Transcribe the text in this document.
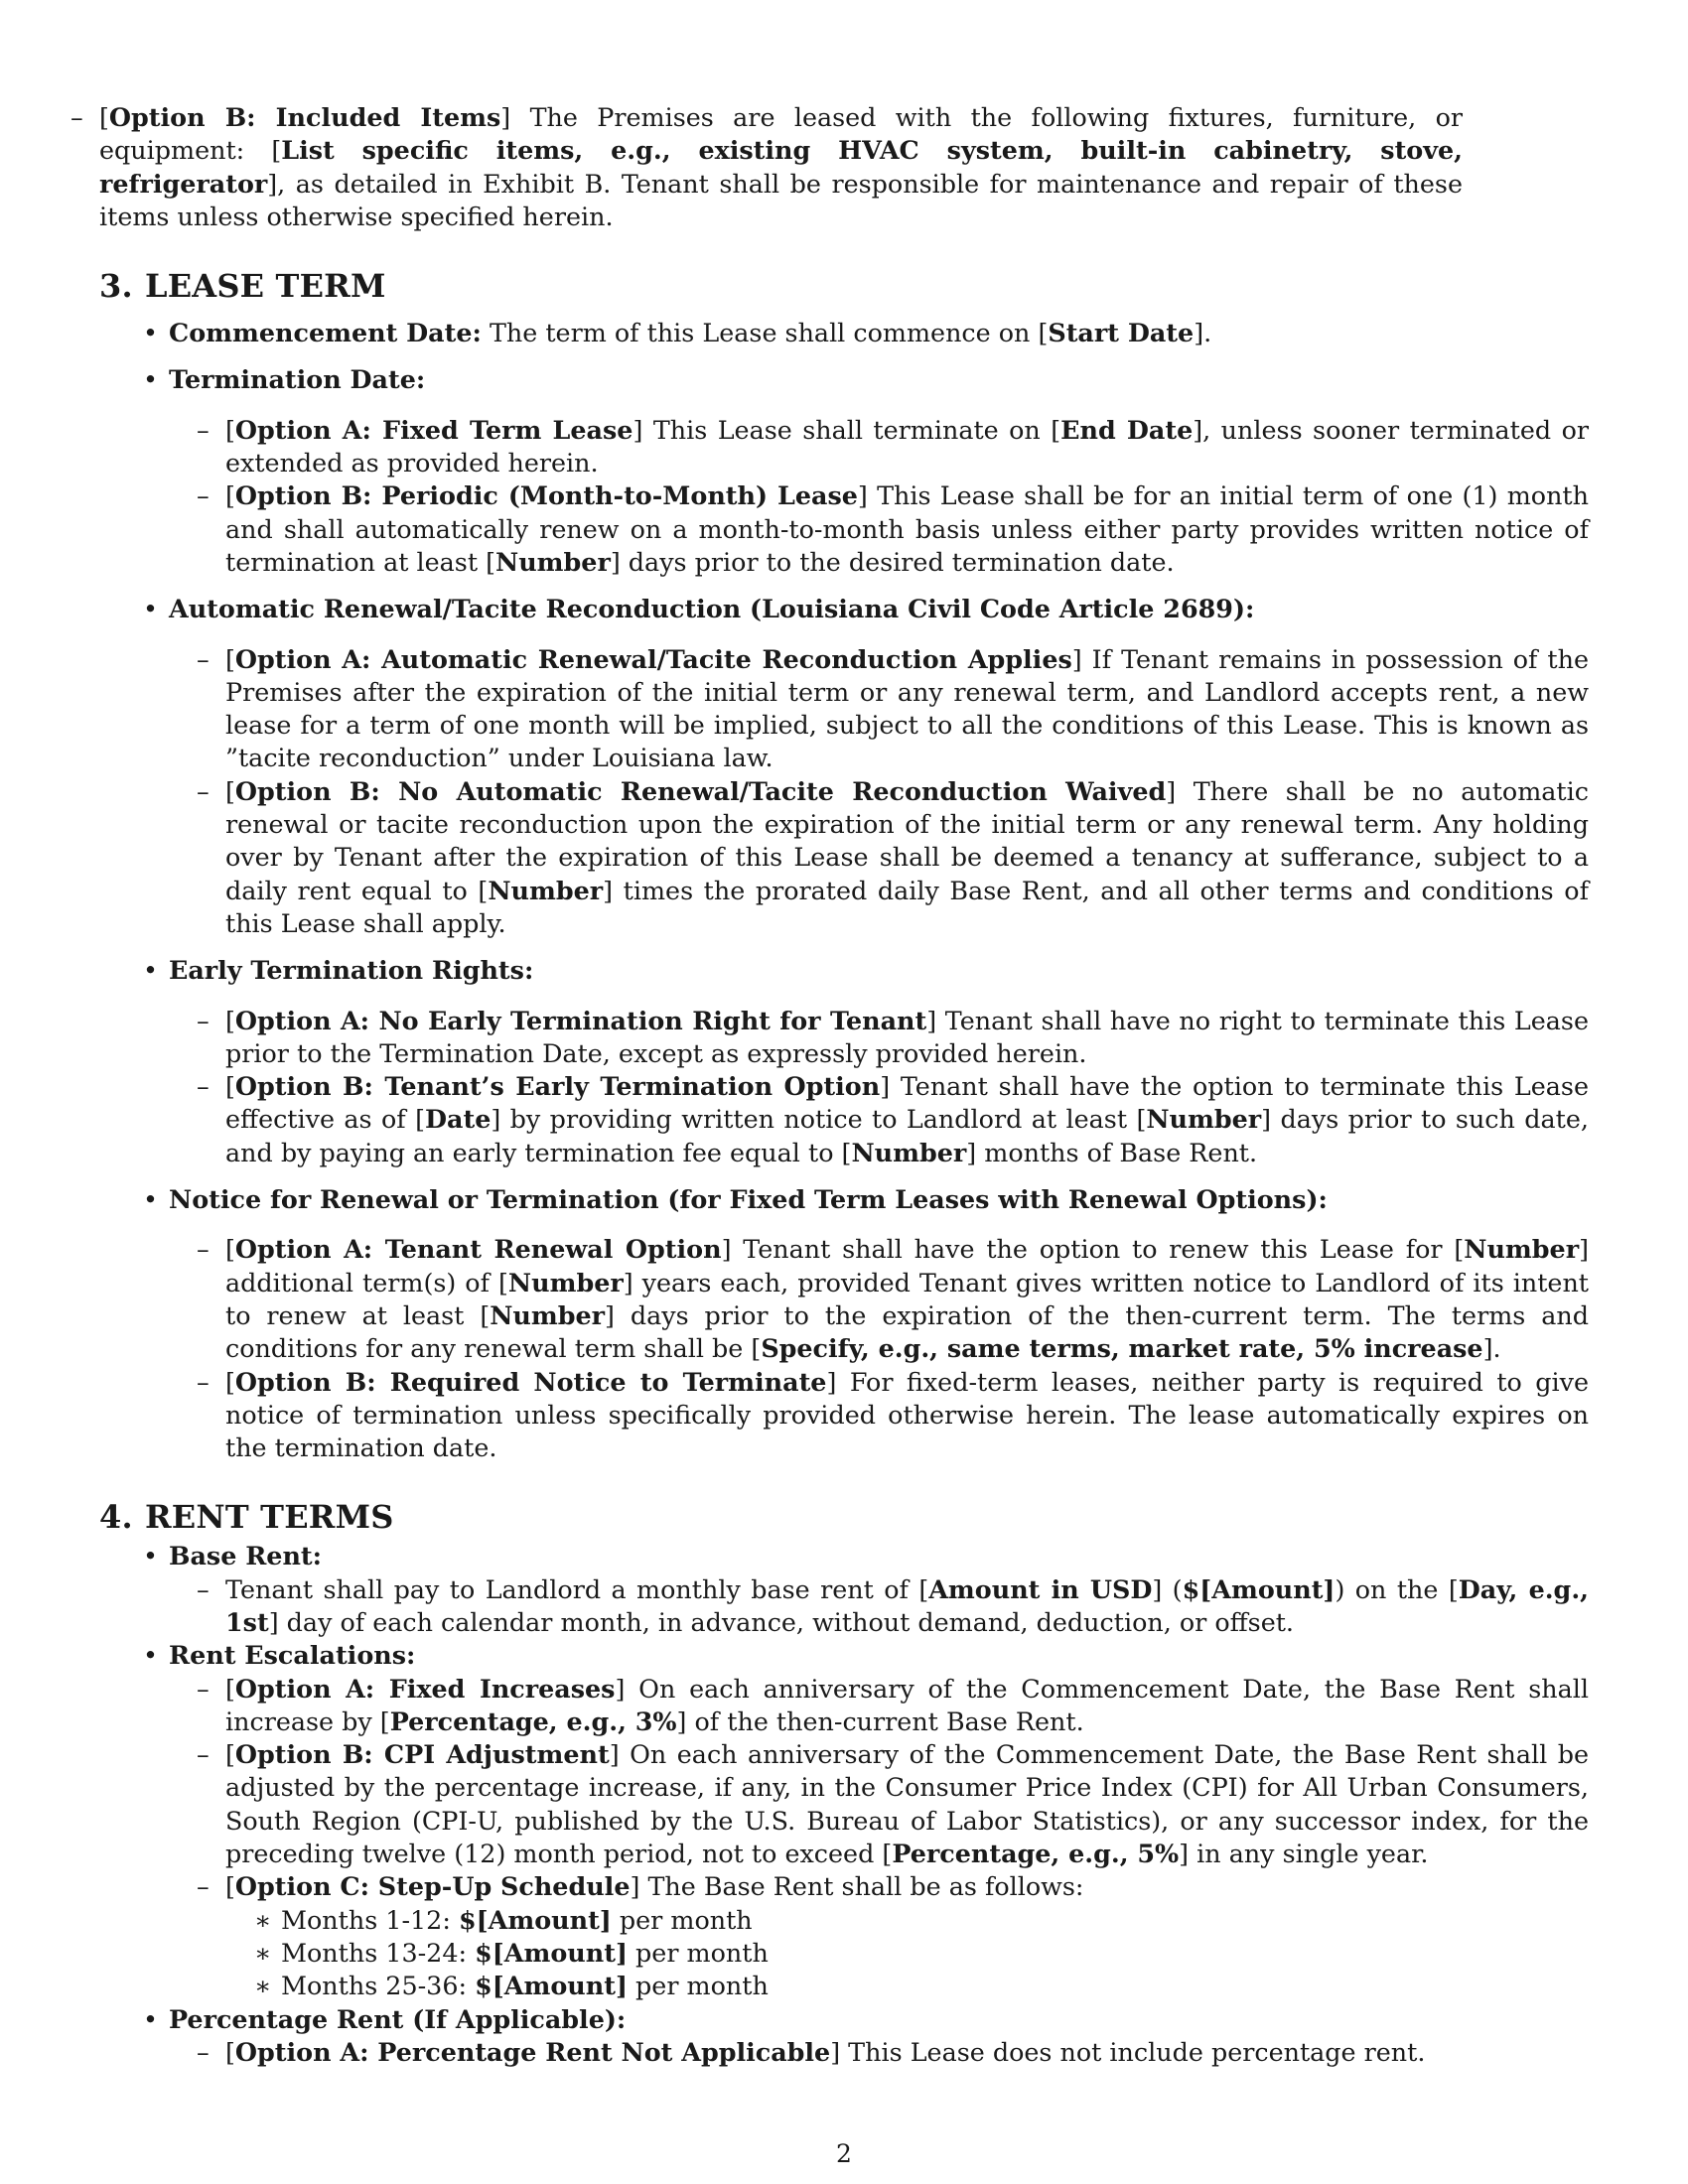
– [Option B: Included Items] The Premises are leased with the following fixtures, furniture, or equipment: [List specific items, e.g., existing HVAC system, built-in cabinetry, stove, refrigerator], as detailed in Exhibit B. Tenant shall be responsible for maintenance and repair of these items unless otherwise specified herein.

3. LEASE TERM
• Commencement Date: The term of this Lease shall commence on [Start Date].
• Termination Date:

– [Option A: Fixed Term Lease] This Lease shall terminate on [End Date], unless sooner terminated or extended as provided herein.

– [Option B: Periodic (Month-to-Month) Lease] This Lease shall be for an initial term of one (1) month and shall automatically renew on a month-to-month basis unless either party provides written notice of termination at least [Number] days prior to the desired termination date.

• Automatic Renewal/Tacite Reconduction (Louisiana Civil Code Article 2689):

– [Option A: Automatic Renewal/Tacite Reconduction Applies] If Tenant remains in possession of the Premises after the expiration of the initial term or any renewal term, and Landlord accepts rent, a new lease for a term of one month will be implied, subject to all the conditions of this Lease. This is known as ”tacite reconduction” under Louisiana law.

– [Option B: No Automatic Renewal/Tacite Reconduction Waived] There shall be no automatic renewal or tacite reconduction upon the expiration of the initial term or any renewal term. Any holding over by Tenant after the expiration of this Lease shall be deemed a tenancy at sufferance, subject to a daily rent equal to [Number] times the prorated daily Base Rent, and all other terms and conditions of this Lease shall apply.

• Early Termination Rights:

– [Option A: No Early Termination Right for Tenant] Tenant shall have no right to terminate this Lease prior to the Termination Date, except as expressly provided herein.

– [Option B: Tenant’s Early Termination Option] Tenant shall have the option to terminate this Lease effective as of [Date] by providing written notice to Landlord at least [Number] days prior to such date, and by paying an early termination fee equal to [Number] months of Base Rent.

• Notice for Renewal or Termination (for Fixed Term Leases with Renewal Options):

– [Option A: Tenant Renewal Option] Tenant shall have the option to renew this Lease for [Number] additional term(s) of [Number] years each, provided Tenant gives written notice to Landlord of its intent to renew at least [Number] days prior to the expiration of the then-current term. The terms and conditions for any renewal term shall be [Specify, e.g., same terms, market rate, 5% increase].

– [Option B: Required Notice to Terminate] For fixed-term leases, neither party is required to give notice of termination unless specifically provided otherwise herein. The lease automatically expires on the termination date.

4. RENT TERMS
• Base Rent:

– Tenant shall pay to Landlord a monthly base rent of [Amount in USD] ($[Amount]) on the [Day, e.g., 1st] day of each calendar month, in advance, without demand, deduction, or offset.

• Rent Escalations:

– [Option A: Fixed Increases] On each anniversary of the Commencement Date, the Base Rent shall increase by [Percentage, e.g., 3%] of the then-current Base Rent.

– [Option B: CPI Adjustment] On each anniversary of the Commencement Date, the Base Rent shall be adjusted by the percentage increase, if any, in the Consumer Price Index (CPI) for All Urban Consumers, South Region (CPI-U, published by the U.S. Bureau of Labor Statistics), or any successor index, for the preceding twelve (12) month period, not to exceed [Percentage, e.g., 5%] in any single year.

– [Option C: Step-Up Schedule] The Base Rent shall be as follows:

∗ Months 1-12: $[Amount] per month
∗ Months 13-24: $[Amount] per month
∗ Months 25-36: $[Amount] per month
• Percentage Rent (If Applicable):

– [Option A: Percentage Rent Not Applicable] This Lease does not include percentage rent.

2
